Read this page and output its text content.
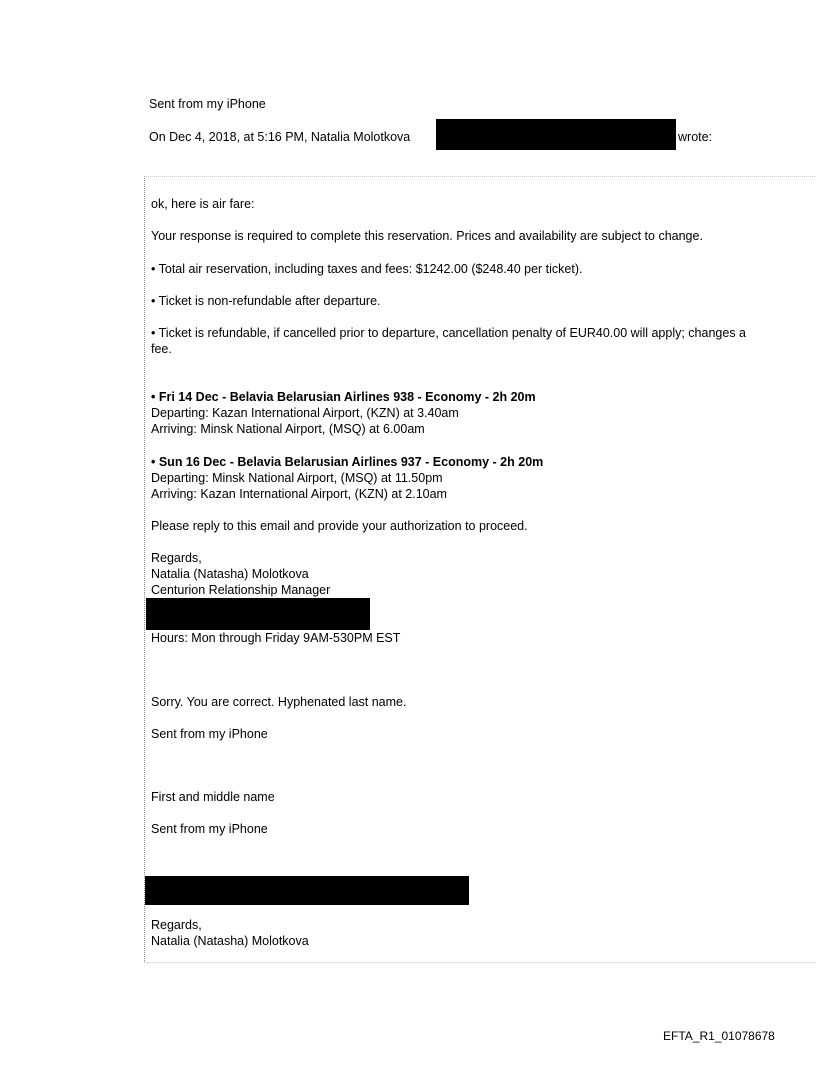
Sent from my iPhone
On Dec 4, 2018, at 5:16 PM, Natalia Molotkova	wrote:
ok, here is air fare:
Your response is required to complete this reservation. Prices and availability are subject to change.
• Total air reservation, including taxes and fees: $1242.00 ($248.40 per ticket).
• Ticket is non-refundable after departure.
• Ticket is refundable, if cancelled prior to departure, cancellation penalty of EUR40.00 will apply; changes a
fee.
• Fri 14 Dec - Belavia Belarusian Airlines 938 - Economy - 2h 20m
Departing: Kazan International Airport, (KZN) at 3.40am
Arriving: Minsk National Airport, (MSQ) at 6.00am
• Sun 16 Dec - Belavia Belarusian Airlines 937 - Economy - 2h 20m
Departing: Minsk National Airport, (MSQ) at 11.50pm
Arriving: Kazan International Airport, (KZN) at 2.10am
Please reply to this email and provide your authorization to proceed.
Regards,
Natalia (Natasha) Molotkova
Centurion Relationship Manager
Hours: Mon through Friday 9AM-530PM EST
Sorry. You are correct. Hyphenated last name.
Sent from my iPhone
First and middle name
Sent from my iPhone
Regards,
Natalia (Natasha) Molotkova
EFTA_R1_01078678
